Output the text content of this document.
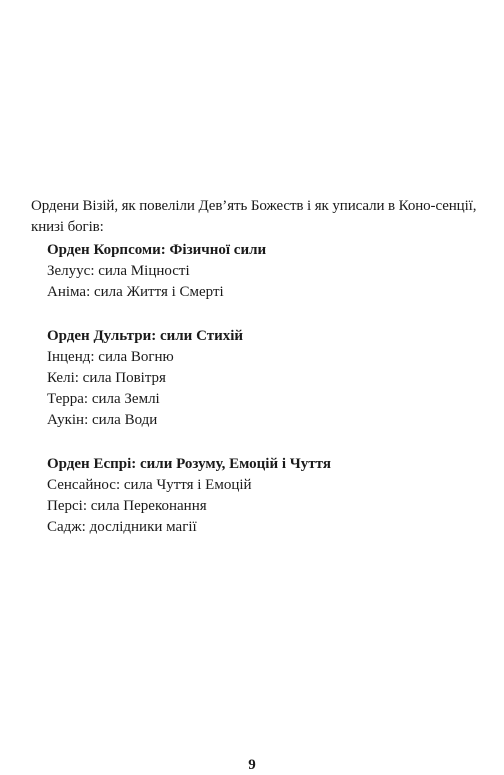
Ордени Візій, як повеліли Дев’ять Божеств і як уписали в Коно-сенції, книзі богів:

Орден Корпсоми: Фізичної сили

Зелуус: сила Міцності

Аніма: сила Життя і Смерті

Орден Дультри: сили Стихій

Інценд: сила Вогню

Келі: сила Повітря

Терра: сила Землі

Аукін: сила Води

Орден Еспрі: сили Розуму, Емоцій і Чуття

Сенсайнос: сила Чуття і Емоцій

Персі: сила Переконання

Садж: дослідники магії

9
